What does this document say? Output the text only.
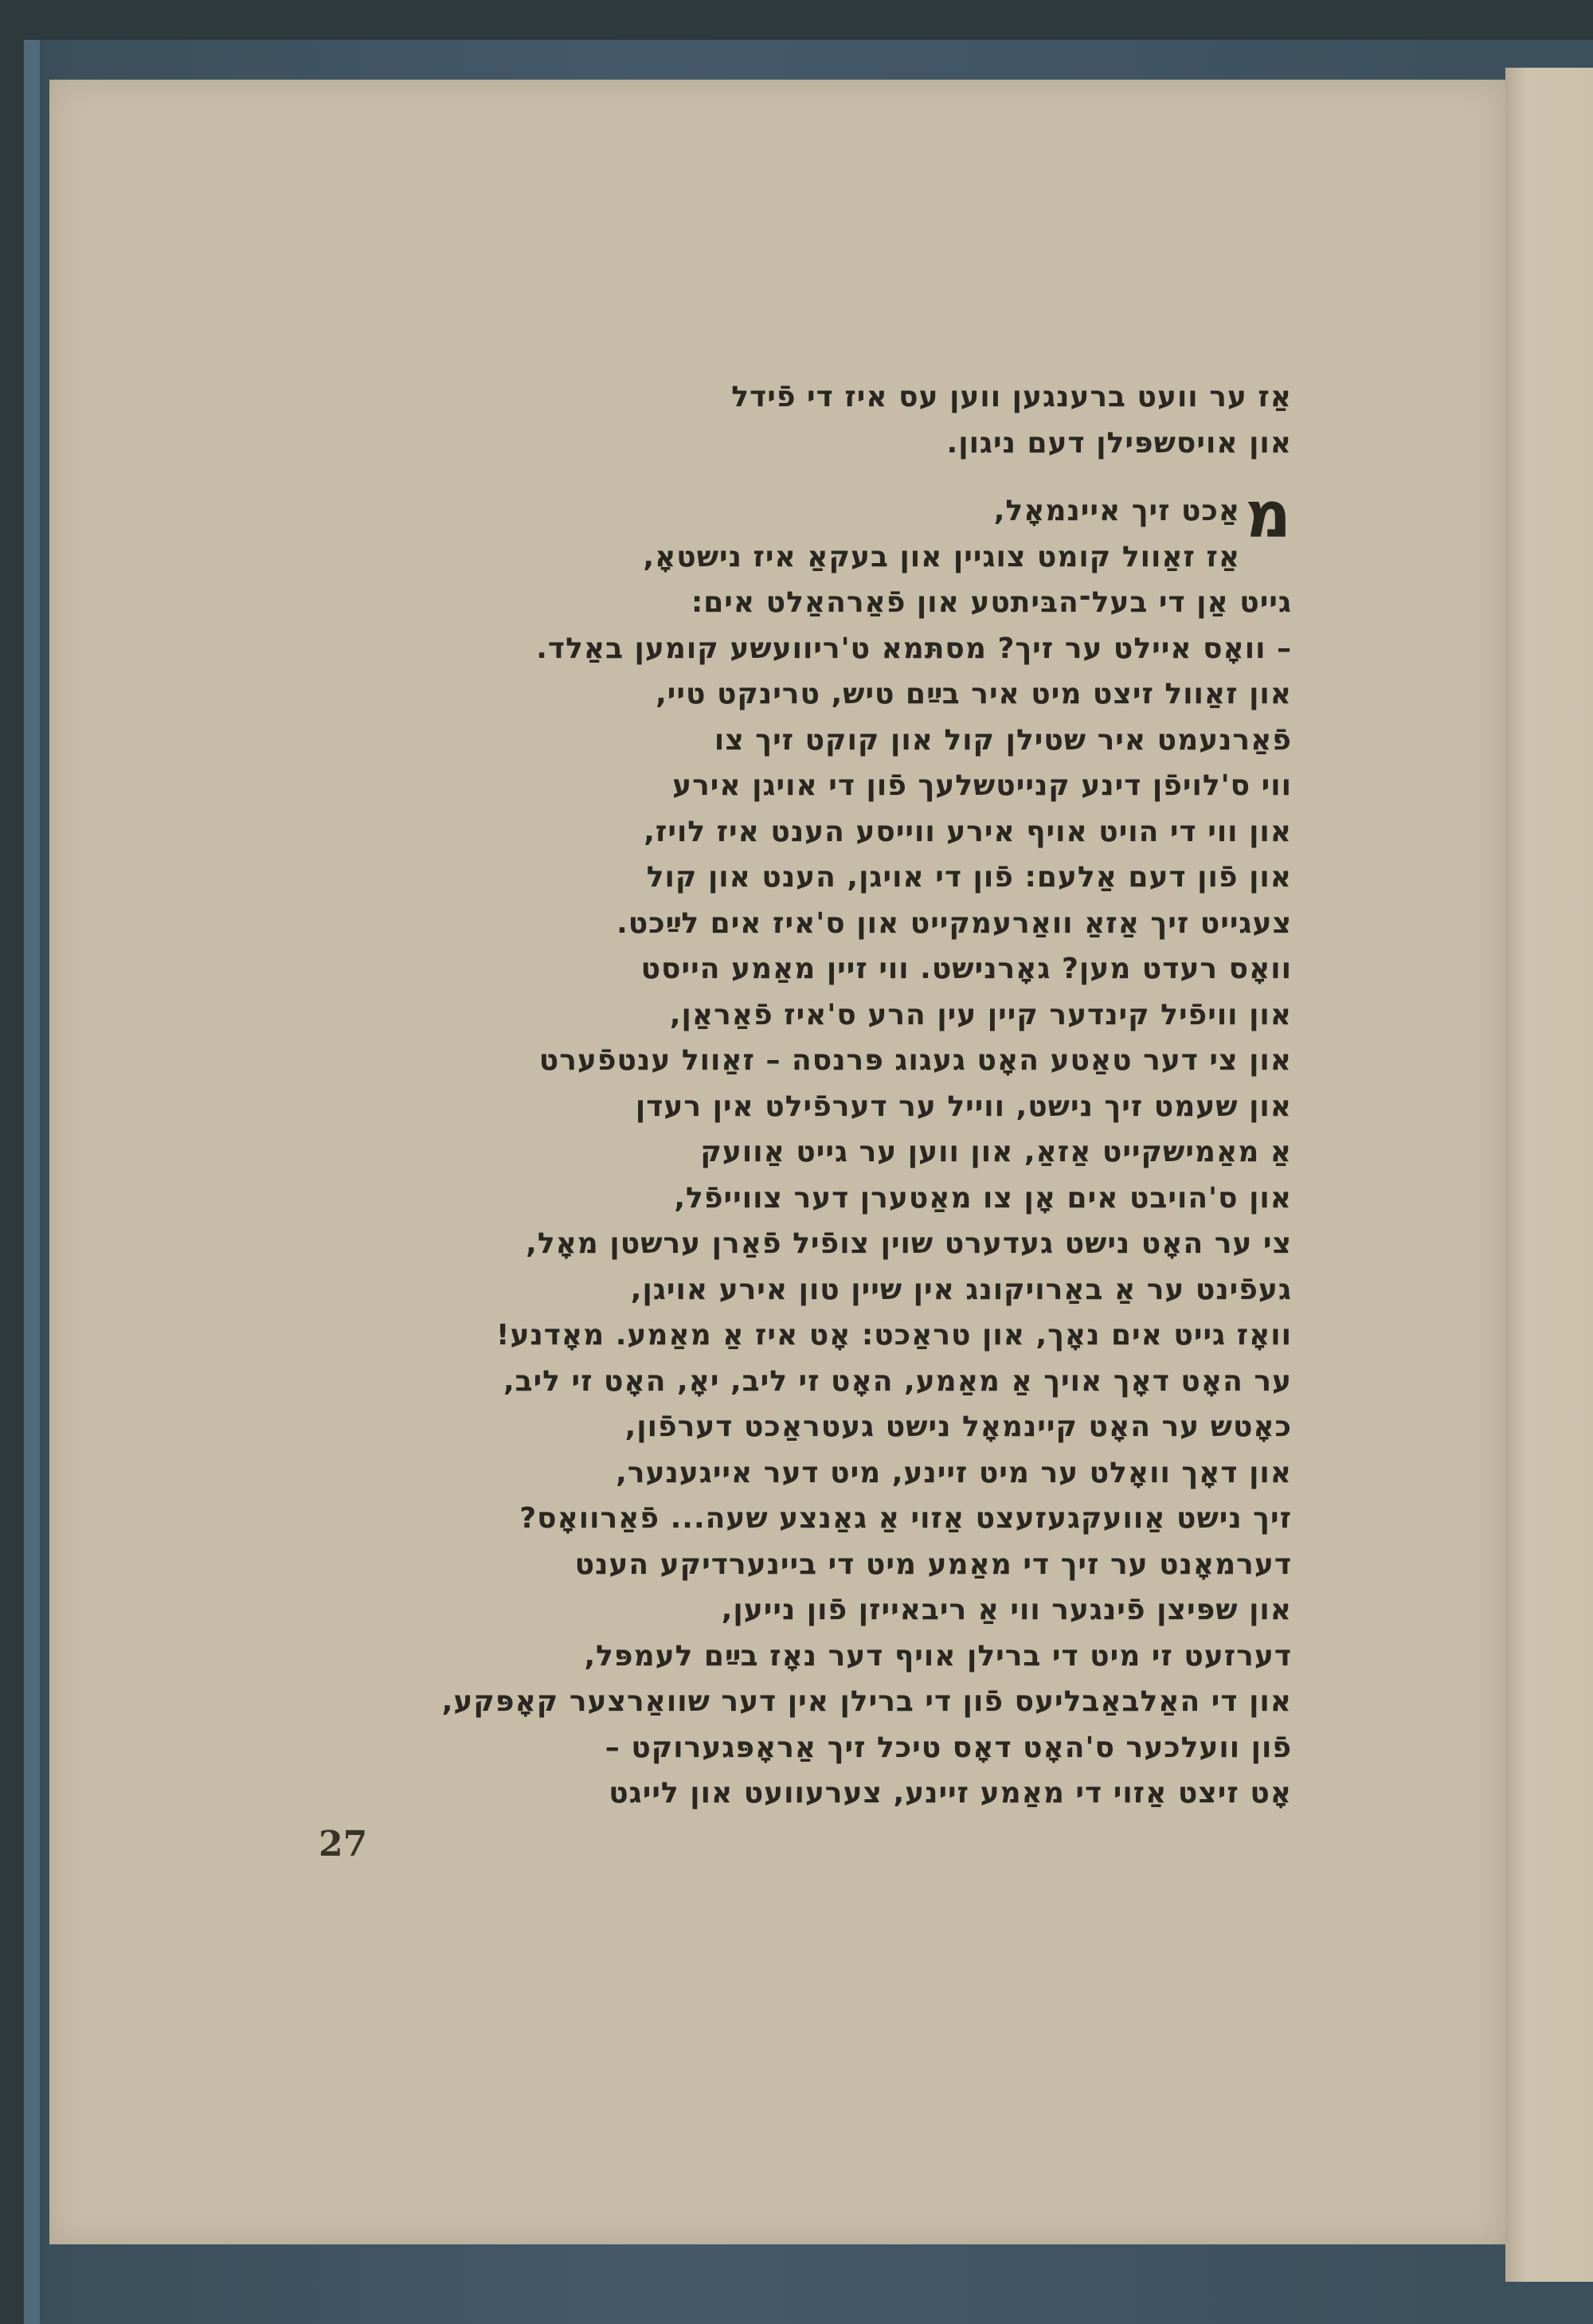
אַז ער וועט ברענגען ווען עס איז די פֿידל
און אויסשפּילן דעם ניגון.
מ
אַכט זיך איינמאָל,
אַז זאַוול קומט צוגיין און בעקאַ איז נישטאָ,
גייט אַן די בעל־הבּיתטע און פֿאַרהאַלט אים:
– וואָס איילט ער זיך? מסתּמא ט'ריוועשע קומען באַלד.
און זאַוול זיצט מיט איר בײַם טיש, טרינקט טיי,
פֿאַרנעמט איר שטילן קול און קוקט זיך צו
ווי ס'לויפֿן דינע קנייטשלעך פֿון די אויגן אירע
און ווי די הויט אויף אירע ווייסע הענט איז לויז,
און פֿון דעם אַלעם: פֿון די אויגן, הענט און קול
צעגייט זיך אַזאַ וואַרעמקייט און ס'איז אים לײַכט.
וואָס רעדט מען? גאָרנישט. ווי זיין מאַמע הייסט
און וויפֿיל קינדער קיין עין הרע ס'איז פֿאַראַן,
און צי דער טאַטע האָט געגוג פּרנסה – זאַוול ענטפֿערט
און שעמט זיך נישט, ווייל ער דערפֿילט אין רעדן
אַ מאַמישקייט אַזאַ, און ווען ער גייט אַוועק
און ס'הויבט אים אָן צו מאַטערן דער צווייפֿל,
צי ער האָט נישט געדערט שוין צופֿיל פֿאַרן ערשטן מאָל,
געפֿינט ער אַ באַרויקונג אין שיין טון אירע אויגן,
וואָז גייט אים נאָך, און טראַכט: אָט איז אַ מאַמע. מאָדנע!
ער האָט דאָך אויך אַ מאַמע, האָט זי ליב, יאָ, האָט זי ליב,
כאָטש ער האָט קיינמאָל נישט געטראַכט דערפֿון,
און דאָך וואָלט ער מיט זיינע, מיט דער אייגענער,
זיך נישט אַוועקגעזעצט אַזוי אַ גאַנצע שעה... פֿאַרוואָס?
דערמאָנט ער זיך די מאַמע מיט די ביינערדיקע הענט
און שפּיצן פֿינגער ווי אַ ריבאייזן פֿון נייען,
דערזעט זי מיט די ברילן אויף דער נאָז בײַם לעמפּל,
און די האַלבאַבליעס פֿון די ברילן אין דער שוואַרצער קאָפּקע,
פֿון וועלכער ס'האָט דאָס טיכל זיך אַראָפּגערוקט –
אָט זיצט אַזוי די מאַמע זיינע, צערעוועט און לייגט
27
